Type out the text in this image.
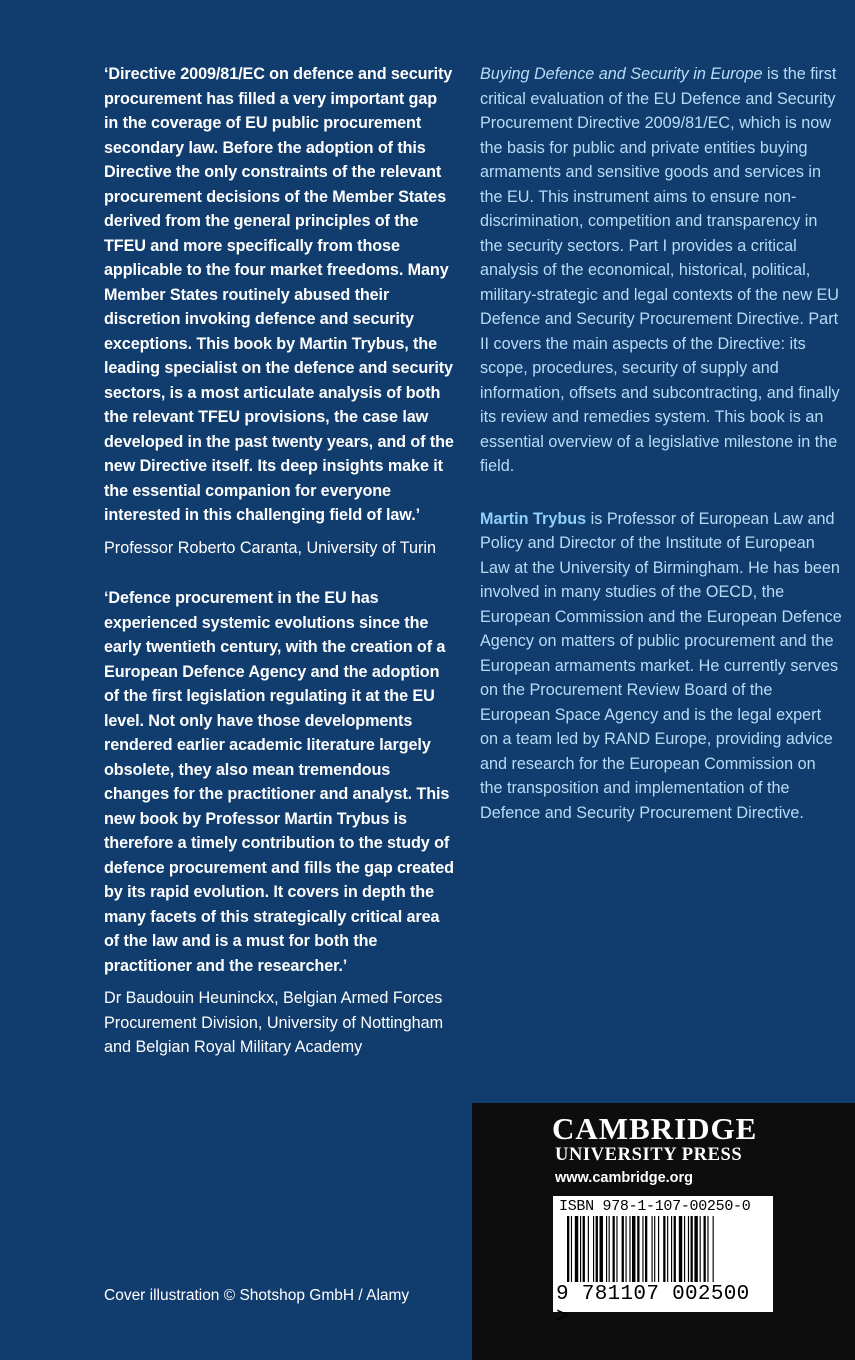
‘Directive 2009/81/EC on defence and security procurement has filled a very important gap in the coverage of EU public procurement secondary law. Before the adoption of this Directive the only constraints of the relevant procurement decisions of the Member States derived from the general principles of the TFEU and more specifically from those applicable to the four market freedoms. Many Member States routinely abused their discretion invoking defence and security exceptions. This book by Martin Trybus, the leading specialist on the defence and security sectors, is a most articulate analysis of both the relevant TFEU provisions, the case law developed in the past twenty years, and of the new Directive itself. Its deep insights make it the essential companion for everyone interested in this challenging field of law.’

Professor Roberto Caranta, University of Turin

‘Defence procurement in the EU has experienced systemic evolutions since the early twentieth century, with the creation of a European Defence Agency and the adoption of the first legislation regulating it at the EU level. Not only have those developments rendered earlier academic literature largely obsolete, they also mean tremendous changes for the practitioner and analyst. This new book by Professor Martin Trybus is therefore a timely contribution to the study of defence procurement and fills the gap created by its rapid evolution. It covers in depth the many facets of this strategically critical area of the law and is a must for both the practitioner and the researcher.’

Dr Baudouin Heuninckx, Belgian Armed Forces Procurement Division, University of Nottingham and Belgian Royal Military Academy

Buying Defence and Security in Europe is the first critical evaluation of the EU Defence and Security Procurement Directive 2009/81/EC, which is now the basis for public and private entities buying armaments and sensitive goods and services in the EU. This instrument aims to ensure non-discrimination, competition and transparency in the security sectors. Part I provides a critical analysis of the economical, historical, political, military-strategic and legal contexts of the new EU Defence and Security Procurement Directive. Part II covers the main aspects of the Directive: its scope, procedures, security of supply and information, offsets and subcontracting, and finally its review and remedies system. This book is an essential overview of a legislative milestone in the field.

Martin Trybus is Professor of European Law and Policy and Director of the Institute of European Law at the University of Birmingham. He has been involved in many studies of the OECD, the European Commission and the European Defence Agency on matters of public procurement and the European armaments market. He currently serves on the Procurement Review Board of the European Space Agency and is the legal expert on a team led by RAND Europe, providing advice and research for the European Commission on the transposition and implementation of the Defence and Security Procurement Directive.

Cover illustration © Shotshop GmbH / Alamy
CAMBRIDGE
UNIVERSITY PRESS
www.cambridge.org
ISBN 978-1-107-00250-0
9 781107 002500 >
